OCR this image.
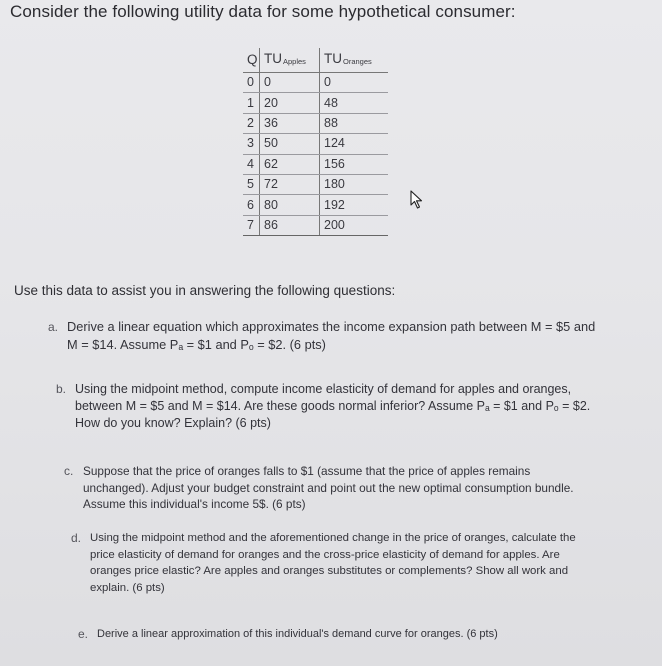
Consider the following utility data for some hypothetical consumer:
Q	$TU_{Apples}$	$TU_{Oranges}$
0	0	0
1	20	48
2	36	88
3	50	124
4	62	156
5	72	180
6	80	192
7	86	200
Use this data to assist you in answering the following questions:
a. Derive a linear equation which approximates the income expansion path between M = $5 and
M = $14. Assume Pₐ = $1 and Pₒ = $2. (6 pts)
b. Using the midpoint method, compute income elasticity of demand for apples and oranges,
between M = $5 and M = $14. Are these goods normal inferior? Assume Pₐ = $1 and Pₒ = $2.
How do you know? Explain? (6 pts)
c. Suppose that the price of oranges falls to $1 (assume that the price of apples remains
unchanged). Adjust your budget constraint and point out the new optimal consumption bundle.
Assume this individual's income 5$. (6 pts)
d. Using the midpoint method and the aforementioned change in the price of oranges, calculate the
price elasticity of demand for oranges and the cross-price elasticity of demand for apples. Are
oranges price elastic? Are apples and oranges substitutes or complements? Show all work and
explain. (6 pts)
e. Derive a linear approximation of this individual's demand curve for oranges. (6 pts)
